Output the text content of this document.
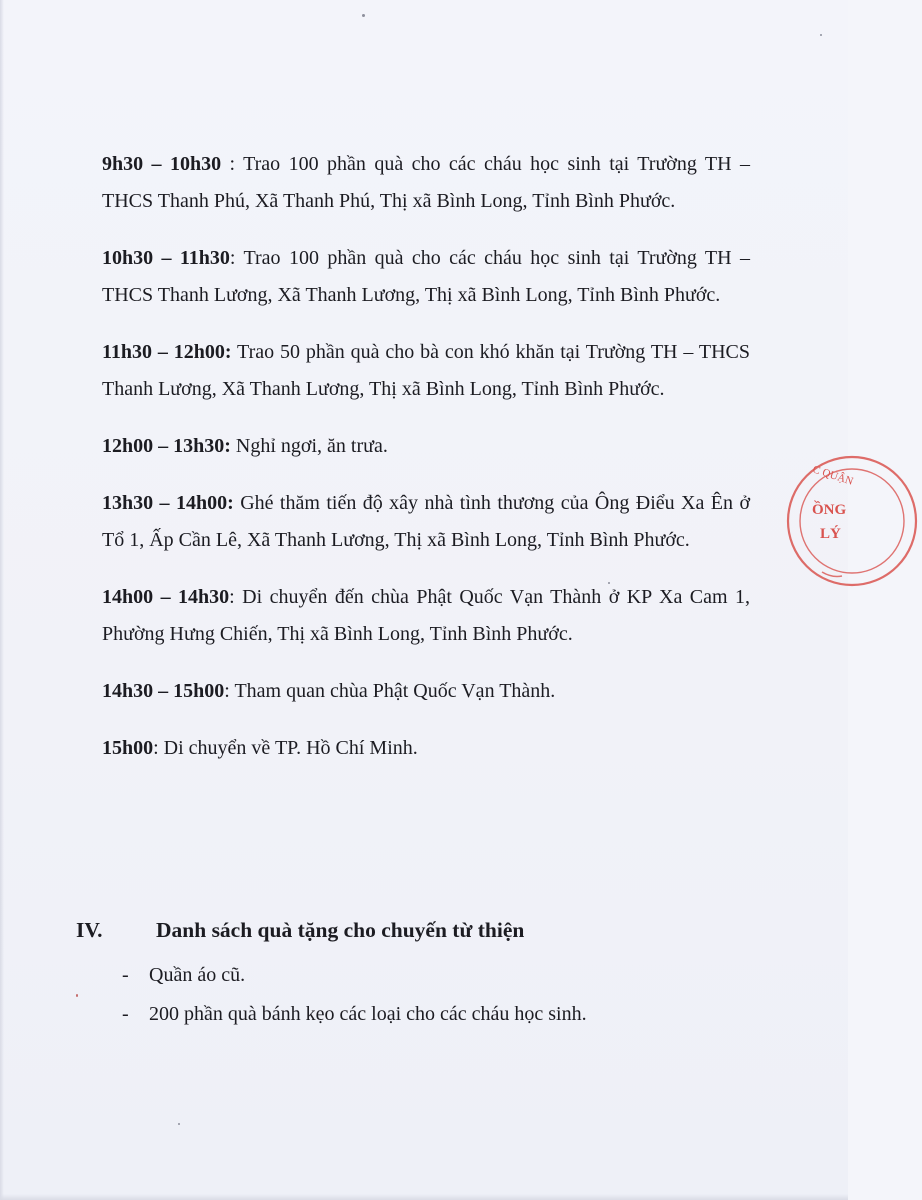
9h30 – 10h30 : Trao 100 phần quà cho các cháu học sinh tại Trường TH – THCS Thanh Phú, Xã Thanh Phú, Thị xã Bình Long, Tỉnh Bình Phước.

10h30 – 11h30: Trao 100 phần quà cho các cháu học sinh tại Trường TH – THCS Thanh Lương, Xã Thanh Lương, Thị xã Bình Long, Tỉnh Bình Phước.

11h30 – 12h00: Trao 50 phần quà cho bà con khó khăn tại Trường TH – THCS Thanh Lương, Xã Thanh Lương, Thị xã Bình Long, Tỉnh Bình Phước.

12h00 – 13h30: Nghỉ ngơi, ăn trưa.

13h30 – 14h00: Ghé thăm tiến độ xây nhà tình thương của Ông Điểu Xa Ên ở Tổ 1, Ấp Cần Lê, Xã Thanh Lương, Thị xã Bình Long, Tỉnh Bình Phước.

14h00 – 14h30: Di chuyển đến chùa Phật Quốc Vạn Thành ở KP Xa Cam 1, Phường Hưng Chiến, Thị xã Bình Long, Tỉnh Bình Phước.

14h30 – 15h00: Tham quan chùa Phật Quốc Vạn Thành.

15h00: Di chuyển về TP. Hồ Chí Minh.

IV. Danh sách quà tặng cho chuyến từ thiện
- Quần áo cũ.
- 200 phần quà bánh kẹo các loại cho các cháu học sinh.
C QUẬN
ỒNG
LÝ
